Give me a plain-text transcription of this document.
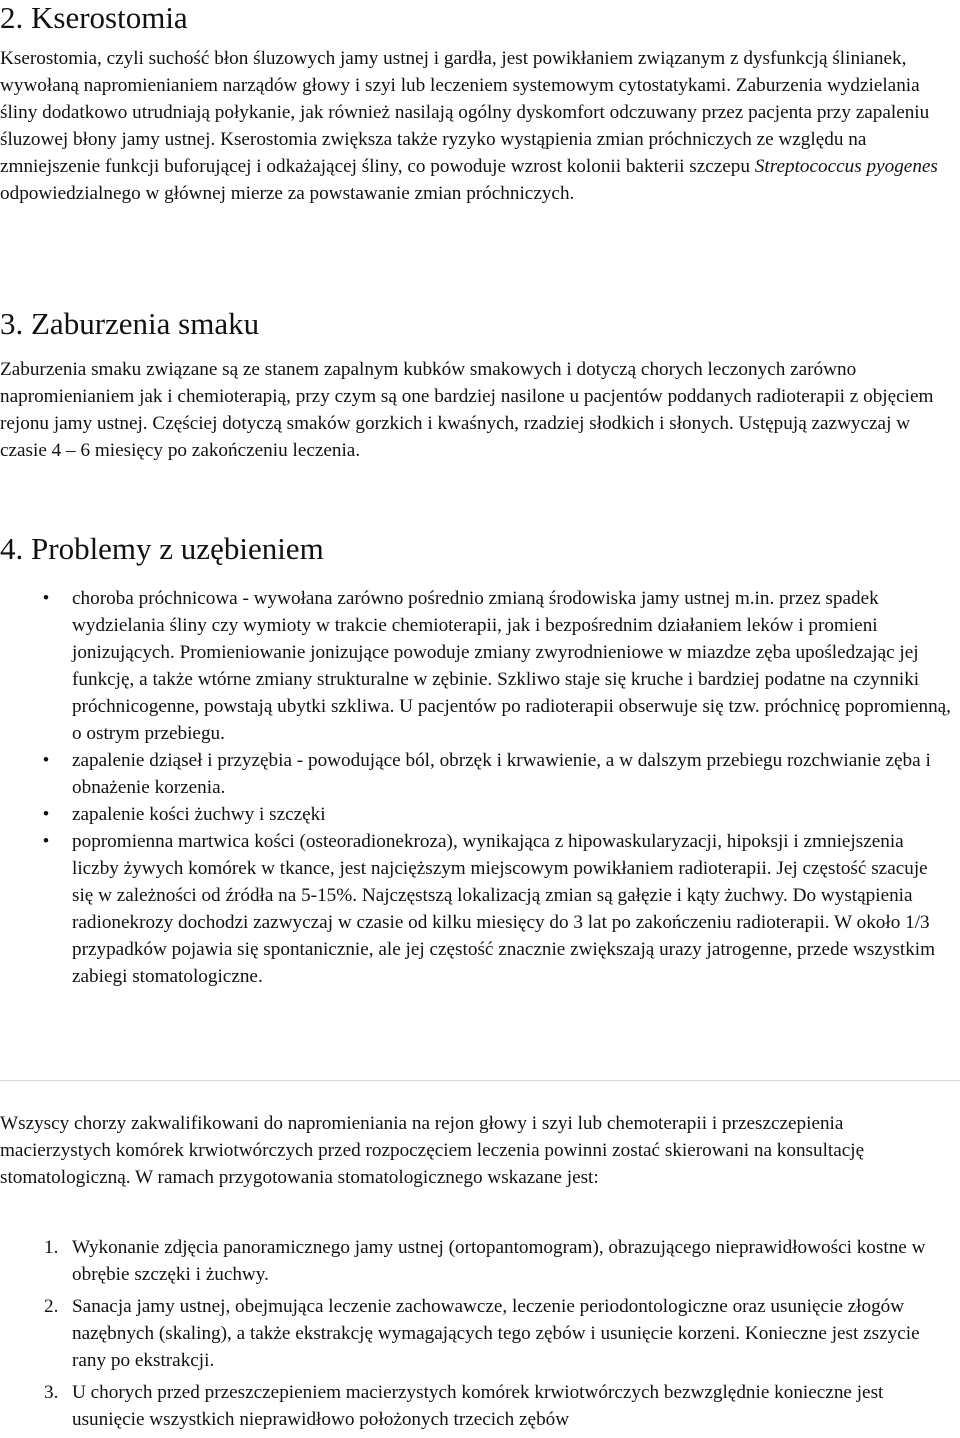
2. Kserostomia
Kserostomia, czyli suchość błon śluzowych jamy ustnej i gardła, jest powikłaniem związanym z dysfunkcją ślinianek, wywołaną napromienianiem narządów głowy i szyi lub leczeniem systemowym cytostatykami. Zaburzenia wydzielania śliny dodatkowo utrudniają połykanie, jak również nasilają ogólny dyskomfort odczuwany przez pacjenta przy zapaleniu śluzowej błony jamy ustnej. Kserostomia zwiększa także ryzyko wystąpienia zmian próchniczych ze względu na zmniejszenie funkcji buforującej i odkażającej śliny, co powoduje wzrost kolonii bakterii szczepu Streptococcus pyogenes odpowiedzialnego w głównej mierze za powstawanie zmian próchniczych.
3. Zaburzenia smaku
Zaburzenia smaku związane są ze stanem zapalnym kubków smakowych i dotyczą chorych leczonych zarówno napromienianiem jak i chemioterapią, przy czym są one bardziej nasilone u pacjentów poddanych radioterapii z objęciem rejonu jamy ustnej. Częściej dotyczą smaków gorzkich i kwaśnych, rzadziej słodkich i słonych. Ustępują zazwyczaj w czasie 4 – 6 miesięcy po zakończeniu leczenia.
4. Problemy z uzębieniem
•	choroba próchnicowa - wywołana zarówno pośrednio zmianą środowiska jamy ustnej m.in. przez spadek wydzielania śliny czy wymioty w trakcie chemioterapii, jak i bezpośrednim działaniem leków i promieni jonizujących. Promieniowanie jonizujące powoduje zmiany zwyrodnieniowe w miazdze zęba upośledzając jej funkcję, a także wtórne zmiany strukturalne w zębinie. Szkliwo staje się kruche i bardziej podatne na czynniki próchnicogenne, powstają ubytki szkliwa. U pacjentów po radioterapii obserwuje się tzw. próchnicę popromienną, o ostrym przebiegu.
•	zapalenie dziąseł i przyzębia - powodujące ból, obrzęk i krwawienie, a w dalszym przebiegu rozchwianie zęba i obnażenie korzenia.
•	zapalenie kości żuchwy i szczęki
•	popromienna martwica kości (osteoradionekroza), wynikająca z hipowaskularyzacji, hipoksji i zmniejszenia liczby żywych komórek w tkance, jest najcięższym miejscowym powikłaniem radioterapii. Jej częstość szacuje się w zależności od źródła na 5-15%. Najczęstszą lokalizacją zmian są gałęzie i kąty żuchwy. Do wystąpienia radionekrozy dochodzi zazwyczaj w czasie od kilku miesięcy do 3 lat po zakończeniu radioterapii. W około 1/3 przypadków pojawia się spontanicznie, ale jej częstość znacznie zwiększają urazy jatrogenne, przede wszystkim zabiegi stomatologiczne.
Wszyscy chorzy zakwalifikowani do napromieniania na rejon głowy i szyi lub chemoterapii i przeszczepienia macierzystych komórek krwiotwórczych przed rozpoczęciem leczenia powinni zostać skierowani na konsultację stomatologiczną. W ramach przygotowania stomatologicznego wskazane jest:
1. Wykonanie zdjęcia panoramicznego jamy ustnej (ortopantomogram), obrazującego nieprawidłowości kostne w obrębie szczęki i żuchwy.
2. Sanacja jamy ustnej, obejmująca leczenie zachowawcze, leczenie periodontologiczne oraz usunięcie złogów nazębnych (skaling), a także ekstrakcję wymagających tego zębów i usunięcie korzeni. Konieczne jest zszycie rany po ekstrakcji.
3. U chorych przed przeszczepieniem macierzystych komórek krwiotwórczych bezwzględnie konieczne jest usunięcie wszystkich nieprawidłowo położonych trzecich zębów
